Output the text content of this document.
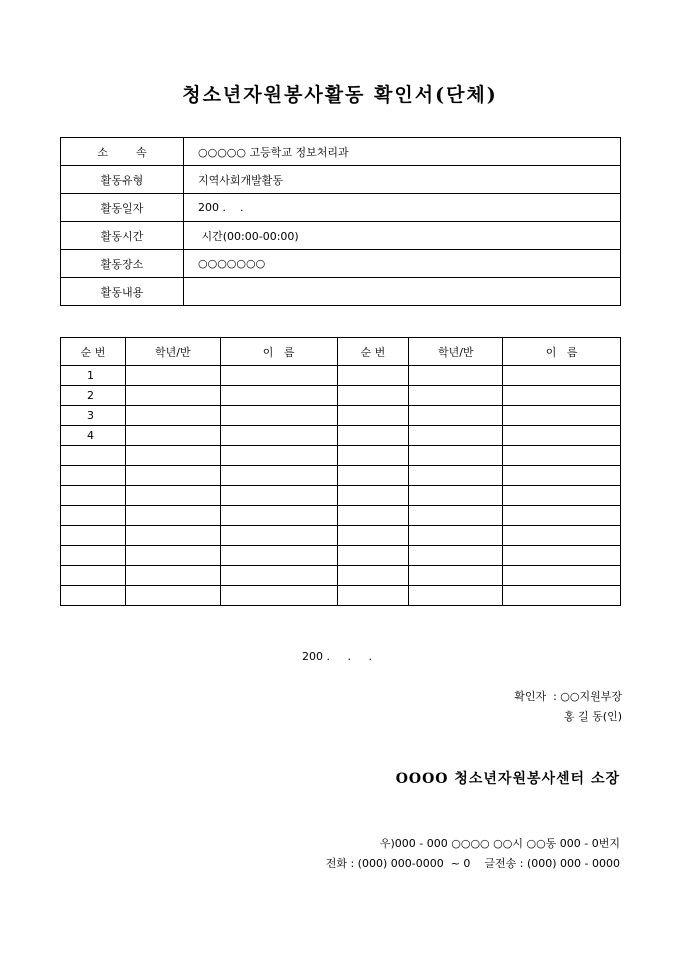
청소년자원봉사활동 확인서(단체)
소        속	○○○○○ 고등학교 정보처리과
활동유형	지역사회개발활동
활동일자	200 .    .
활동시간	시간(00:00-00:00)
활동장소	○○○○○○○
활동내용	
순 번	학년/반	이   름	순 번	학년/반	이   름
1					
2					
3					
4					

200 .     .     .
확인자  : ○○지원부장
홍 길 동(인)
OOOO 청소년자원봉사센터 소장
우)000 - 000 ○○○○ ○○시 ○○동 000 - 0번지
전화 : (000) 000-0000  ~ 0    글전송 : (000) 000 - 0000
